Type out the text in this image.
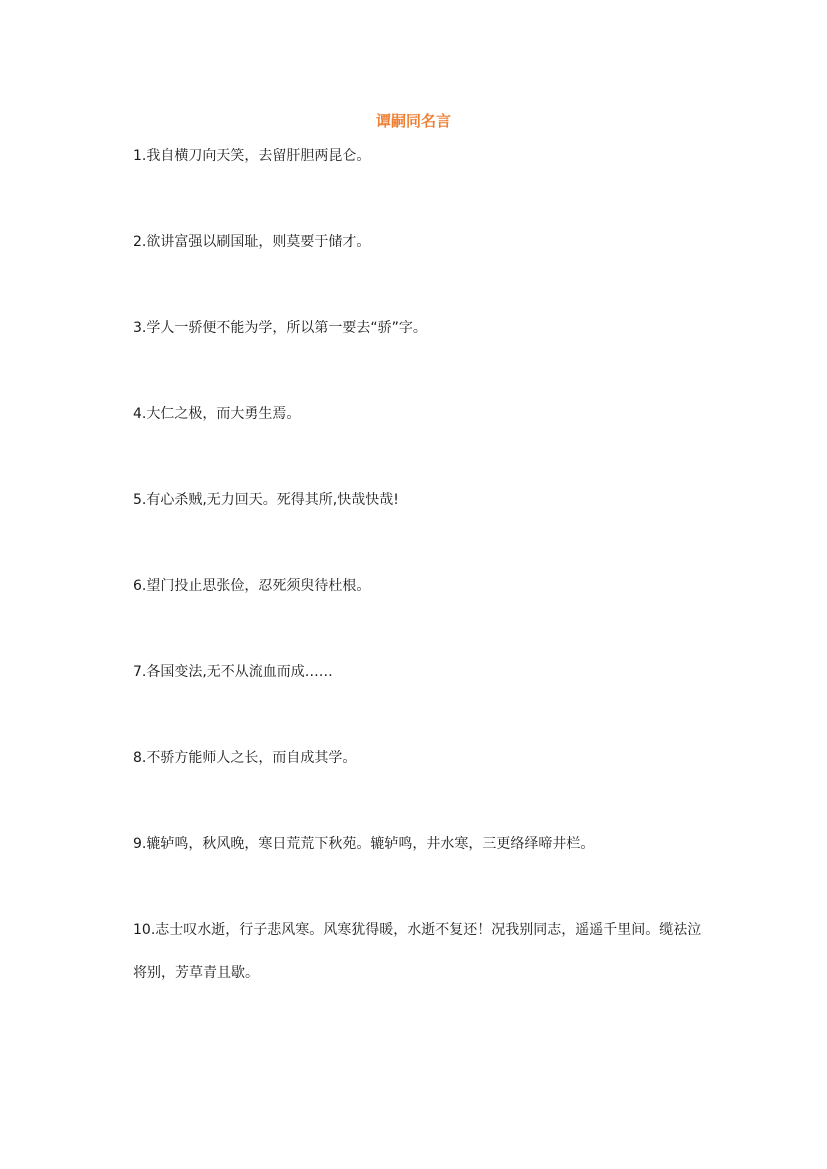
谭嗣同名言
1.我自横刀向天笑，去留肝胆两昆仑。
2.欲讲富强以刷国耻，则莫要于储才。
3.学人一骄便不能为学，所以第一要去“骄”字。
4.大仁之极，而大勇生焉。
5.有心杀贼,无力回天。死得其所,快哉快哉!
6.望门投止思张俭，忍死须臾待杜根。
7.各国变法,无不从流血而成……
8.不骄方能师人之长，而自成其学。
9.辘轳鸣，秋风晚，寒日荒荒下秋苑。辘轳鸣，井水寒，三更络绎啼井栏。
10.志士叹水逝，行子悲风寒。风寒犹得暖，水逝不复还！况我别同志，遥遥千里间。缆祛泣将别，芳草青且歇。
